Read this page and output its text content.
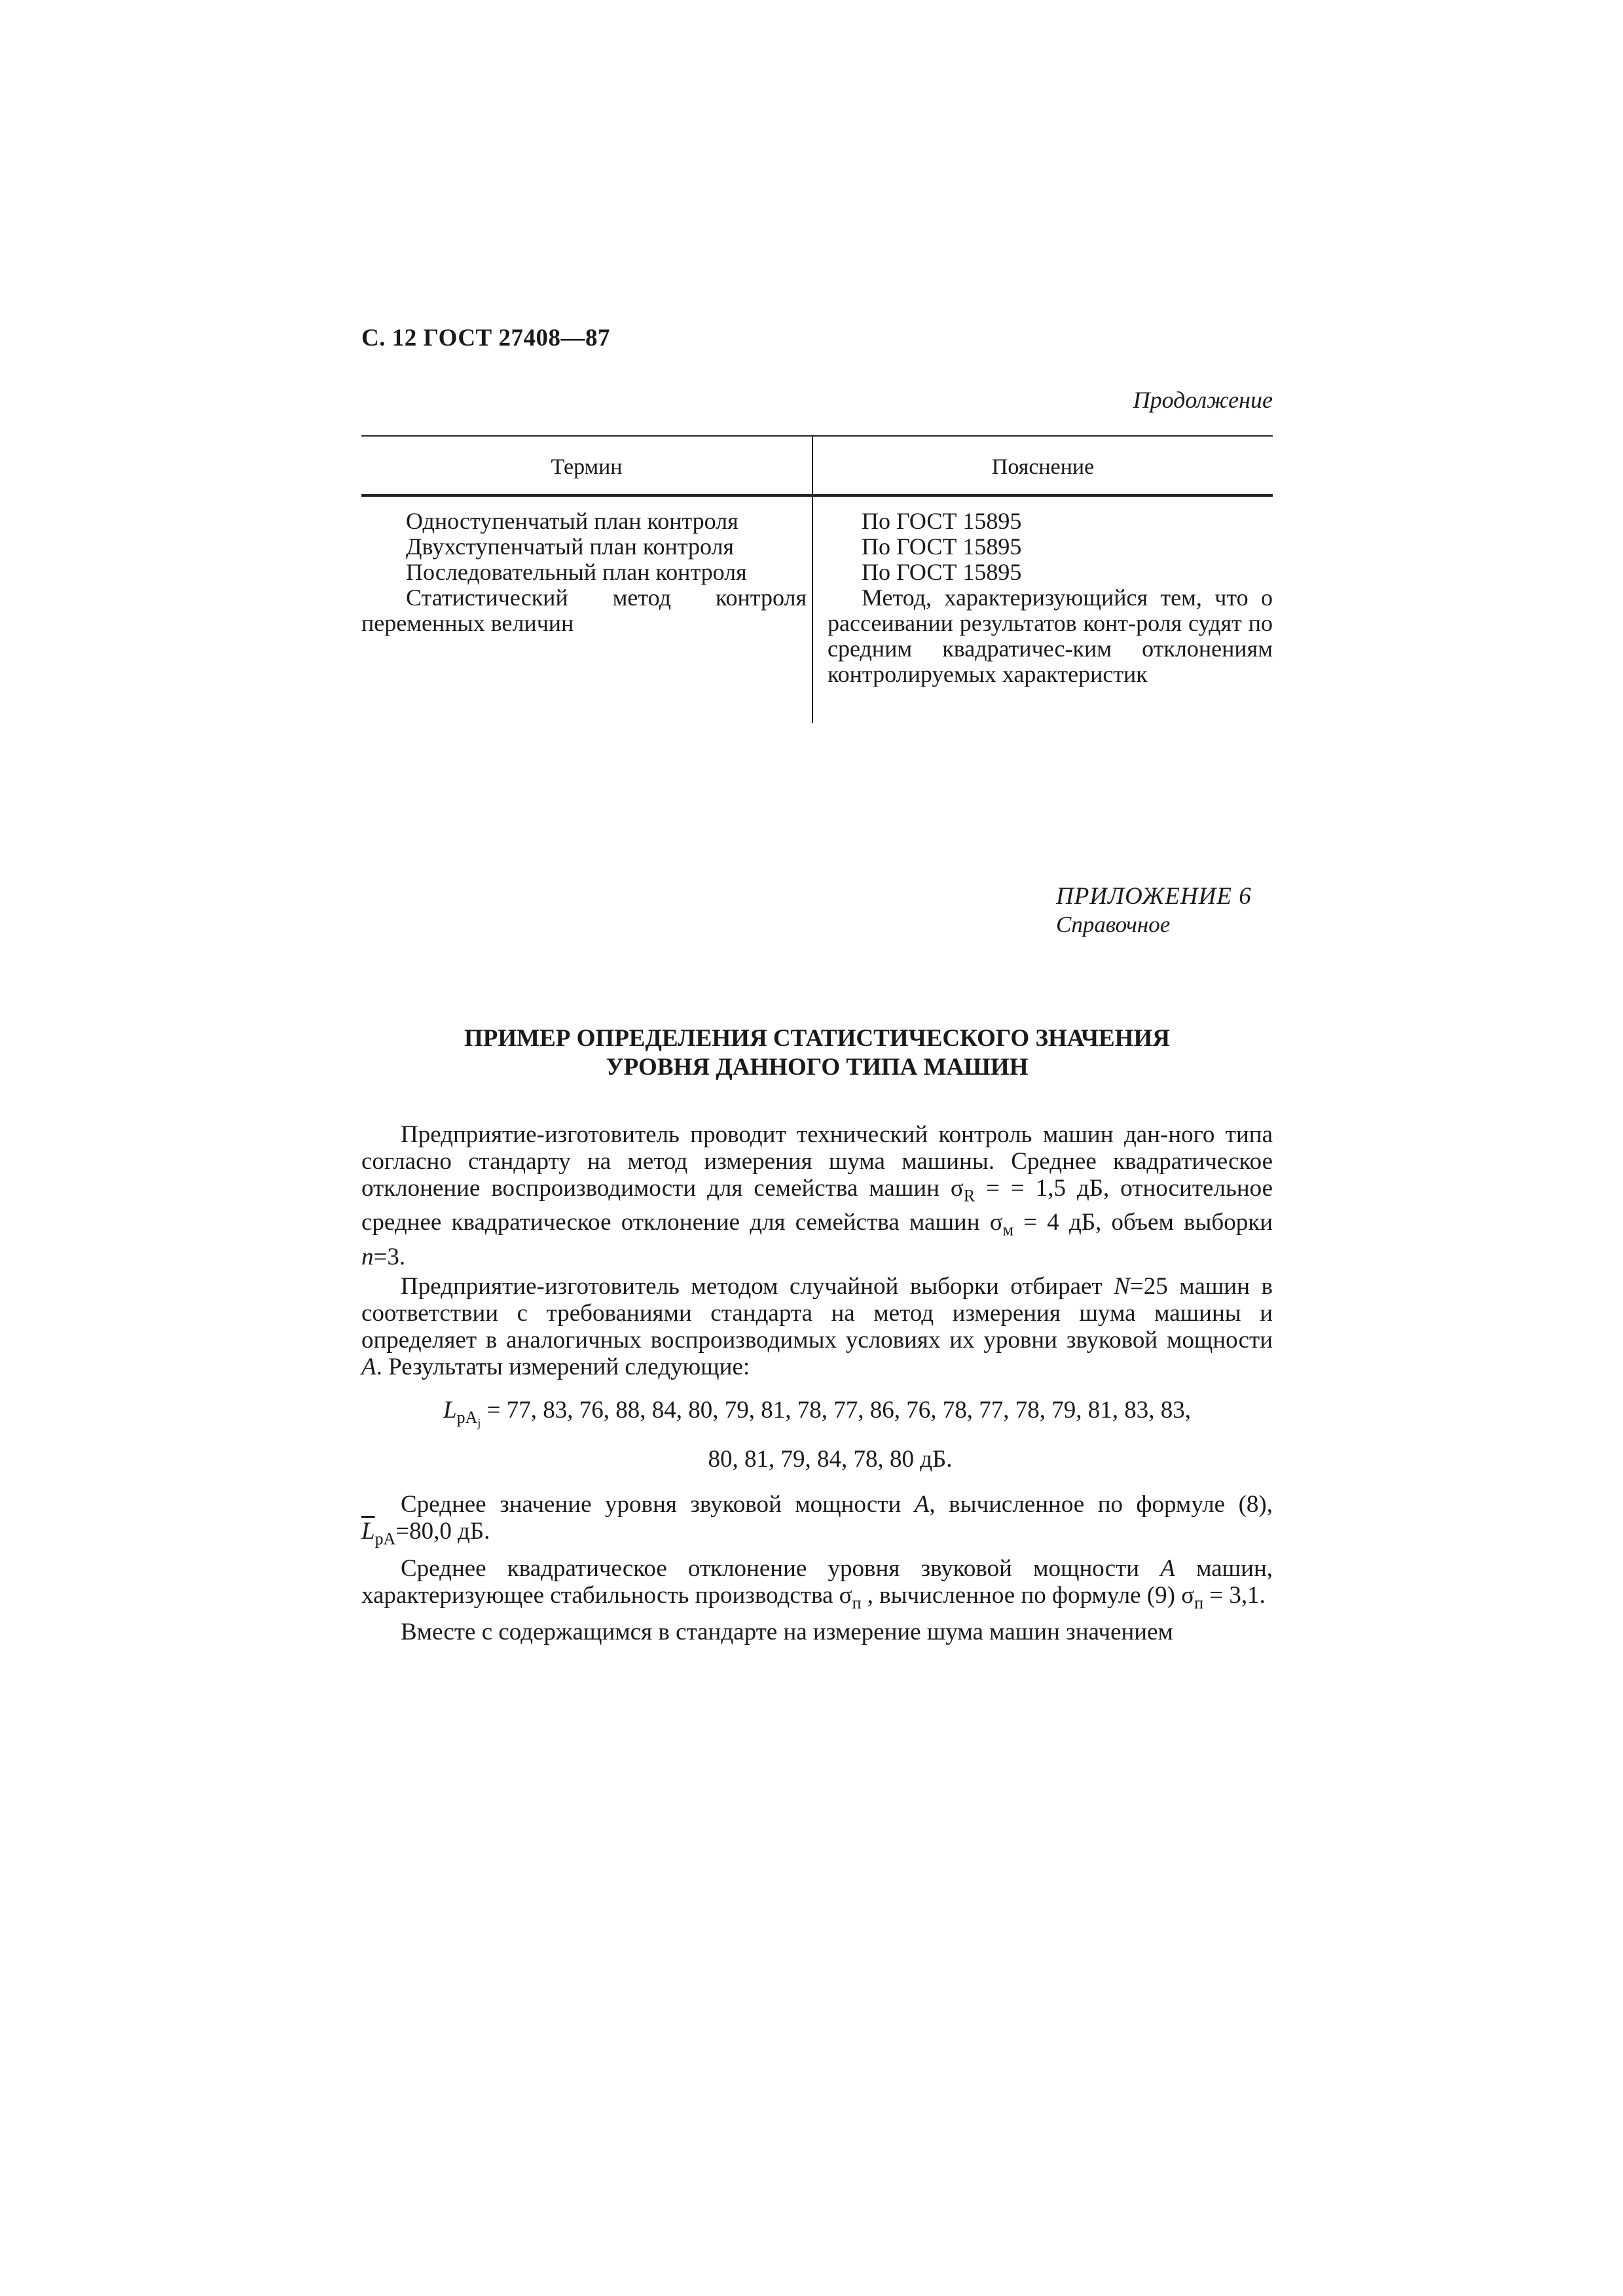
С. 12 ГОСТ 27408—87
Продолжение
Термин	Пояснение
Одноступенчатый план контроля
Двухступенчатый план контроля
Последовательный план контроля
Статистический метод контроля переменных величин
По ГОСТ 15895
По ГОСТ 15895
По ГОСТ 15895
Метод, характеризующийся тем, что о рассеивании результатов конт-роля судят по средним квадратичес-ким отклонениям контролируемых характеристик
ПРИЛОЖЕНИЕ 6
Справочное
ПРИМЕР ОПРЕДЕЛЕНИЯ СТАТИСТИЧЕСКОГО ЗНАЧЕНИЯ
УРОВНЯ ДАННОГО ТИПА МАШИН

Предприятие-изготовитель проводит технический контроль машин дан-ного типа согласно стандарту на метод измерения шума машины. Среднее квадратическое отклонение воспроизводимости для семейства машин $\sigma_R$ = = 1,5 дБ, относительное среднее квадратическое отклонение для семейства машин $\sigma_м = 4$ дБ, объем выборки n=3.

Предприятие-изготовитель методом случайной выборки отбирает N=25 машин в соответствии с требованиями стандарта на метод измерения шума машины и определяет в аналогичных воспроизводимых условиях их уровни звуковой мощности A. Результаты измерений следующие:

$L_{pA_j} = 77$, 83, 76, 88, 84, 80, 79, 81, 78, 77, 86, 76, 78, 77, 78, 79, 81, 83, 83,
80, 81, 79, 84, 78, 80 дБ.

Среднее значение уровня звуковой мощности A, вычисленное по формуле (8), $\overline{L}_{pA}=80,0$ дБ.

Среднее квадратическое отклонение уровня звуковой мощности A машин, характеризующее стабильность производства $\sigma_п$ , вычисленное по формуле (9) $\sigma_п = 3,1$.

Вместе с содержащимся в стандарте на измерение шума машин значением
